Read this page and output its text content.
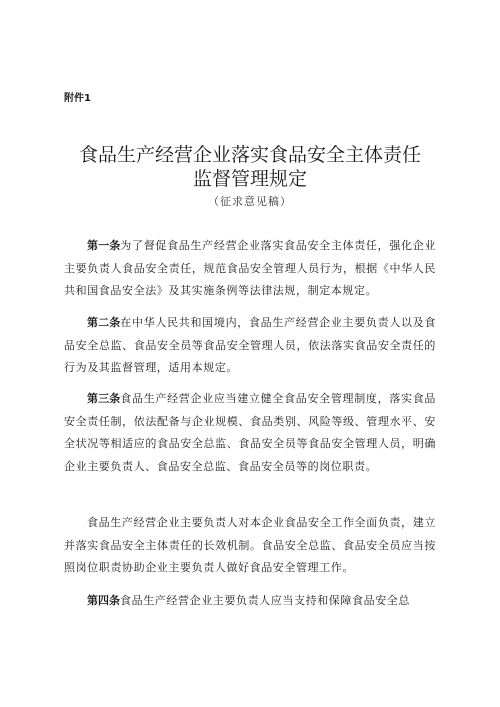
附件1
食品生产经营企业落实食品安全主体责任
监督管理规定
（征求意见稿）
第一条为了督促食品生产经营企业落实食品安全主体责任，强化企业主要负责人食品安全责任，规范食品安全管理人员行为，根据《中华人民共和国食品安全法》及其实施条例等法律法规，制定本规定。
第二条在中华人民共和国境内，食品生产经营企业主要负责人以及食品安全总监、食品安全员等食品安全管理人员，依法落实食品安全责任的行为及其监督管理，适用本规定。
第三条食品生产经营企业应当建立健全食品安全管理制度，落实食品安全责任制，依法配备与企业规模、食品类别、风险等级、管理水平、安全状况等相适应的食品安全总监、食品安全员等食品安全管理人员，明确企业主要负责人、食品安全总监、食品安全员等的岗位职责。
食品生产经营企业主要负责人对本企业食品安全工作全面负责，建立并落实食品安全主体责任的长效机制。食品安全总监、食品安全员应当按照岗位职责协助企业主要负责人做好食品安全管理工作。
第四条食品生产经营企业主要负责人应当支持和保障食品安全总
